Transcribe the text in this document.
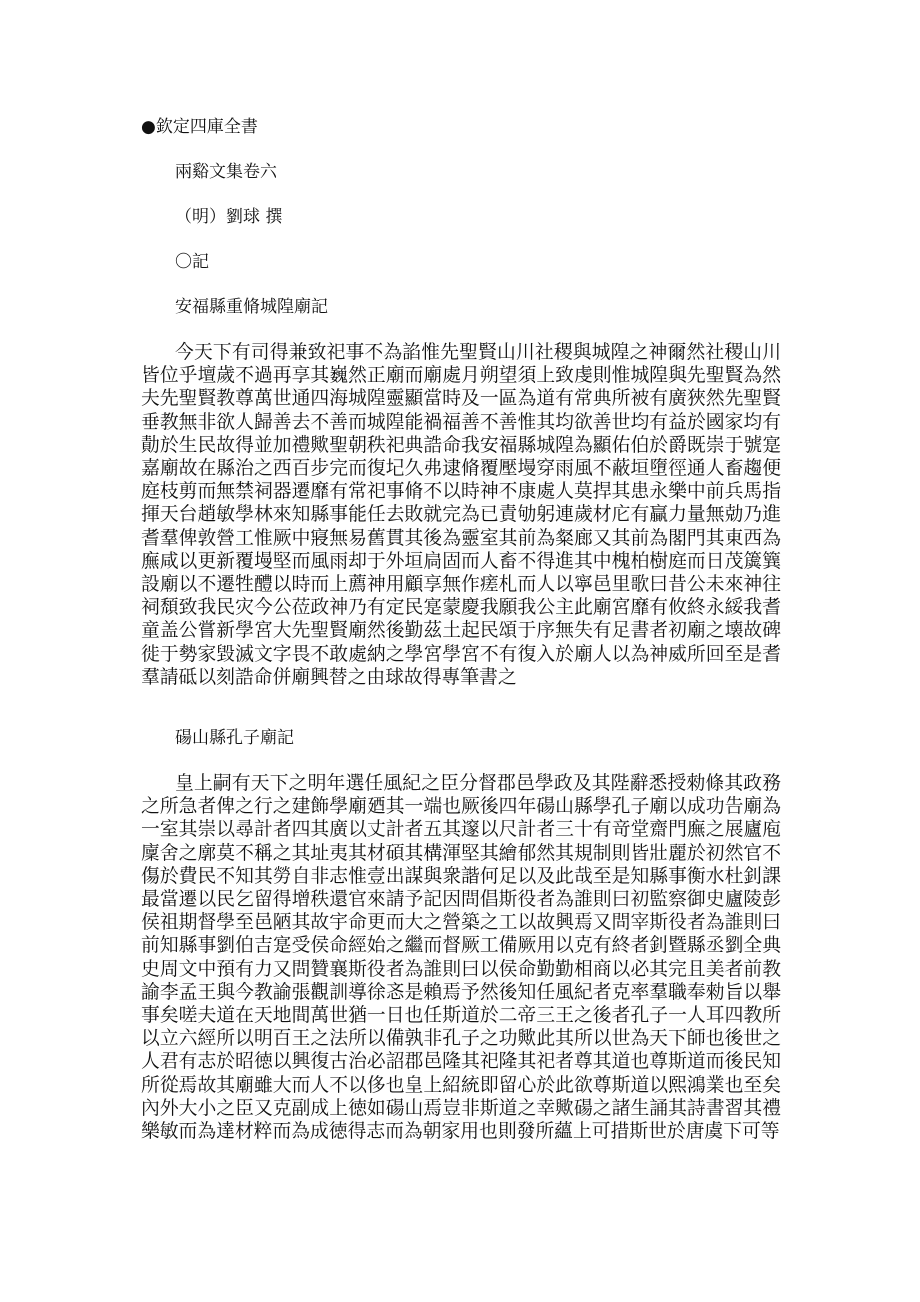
●欽定四庫全書
兩谿文集卷六
（明）劉球 撰
〇記
安福縣重脩城隍廟記
今天下有司得兼致祀事不為諂惟先聖賢山川社稷與城隍之神爾然社稷山川皆位乎壇歲不過再享其巍然正廟而廟處月朔望須上致虔則惟城隍與先聖賢為然夫先聖賢教尊萬世通四海城隍靈顯當時及一區為道有常典所被有廣狹然先聖賢垂教無非欲人歸善去不善而城隍能禍福善不善惟其均欲善世均有益於國家均有勣於生民故得並加禮歟聖朝秩祀典誥命我安福縣城隍為顯佑伯於爵既崇于號寔嘉廟故在縣治之西百步完而復圮久弗逮脩覆壓墁穿雨風不蔽垣墮徑通人畜趨便庭枝剪而無禁祠器遷靡有常祀事脩不以時神不康處人莫捍其患永樂中前兵馬指揮天台趙敏學林來知縣事能任去敗就完為已責劬躬連歲材庀有贏力量無勀乃進耆羣俾敦營工惟厥中寢無易舊貫其後為靈室其前為粲廊又其前為閣門其東西為廡咸以更新覆墁堅而風雨却于外垣扃固而人畜不得進其中槐柏樹庭而日茂簴簨設廟以不遷牲醴以時而上薦神用顧享無作瘥札而人以寧邑里歌曰昔公未來神往祠頹致我民灾今公莅政神乃有定民寔蒙慶我願我公主此廟宮靡有攸終永綏我耆童盖公嘗新學宮大先聖賢廟然後勤茲土起民頌于序無失有足書者初廟之壊故碑徙于勢家毀滅文字畏不敢處納之學宮學宮不有復入於廟人以為神威所回至是耆羣請砥以刻誥命併廟興替之由球故得專筆書之
碭山縣孔子廟記
皇上嗣有天下之明年選任風紀之臣分督郡邑學政及其陛辭悉授勑條其政務之所急者俾之行之建飾學廟廼其一端也厥後四年碭山縣學孔子廟以成功告廟為一室其崇以尋計者四其廣以丈計者五其邃以尺計者三十有竒堂齋門廡之展廬庖廩舍之廓莫不稱之其址夷其材碩其構渾堅其繪郁然其規制則皆壯麗於初然官不傷於費民不知其勞自非志惟壹出謀與衆諧何足以及此哉至是知縣事衡水杜釗課最當遷以民乞留得增秩還官來請予記因問倡斯役者為誰則曰初監察御史廬陵彭侯祖期督學至邑陋其故宇命更而大之營築之工以故興焉又問宰斯役者為誰則曰前知縣事劉伯吉寔受侯命經始之繼而督厥工備厥用以克有終者釗暨縣丞劉全典史周文中預有力又問贊襄斯役者為誰則曰以侯命勤勤相商以必其完且美者前教諭李孟王與今教諭張觀訓導徐忞是賴焉予然後知任風紀者克率羣職奉勑旨以舉事矣嗟夫道在天地間萬世猶一日也任斯道於二帝三王之後者孔子一人耳四教所以立六經所以明百王之法所以備孰非孔子之功歟此其所以世為天下師也後世之人君有志於昭徳以興復古治必詔郡邑隆其祀隆其祀者尊其道也尊斯道而後民知所從焉故其廟雖大而人不以侈也皇上紹統即留心於此欲尊斯道以熙鴻業也至矣內外大小之臣又克副成上徳如碭山焉豈非斯道之幸歟碭之諸生誦其詩書習其禮樂敏而為達材粹而為成徳得志而為朝家用也則發所蘊上可措斯世於唐虞下可等
